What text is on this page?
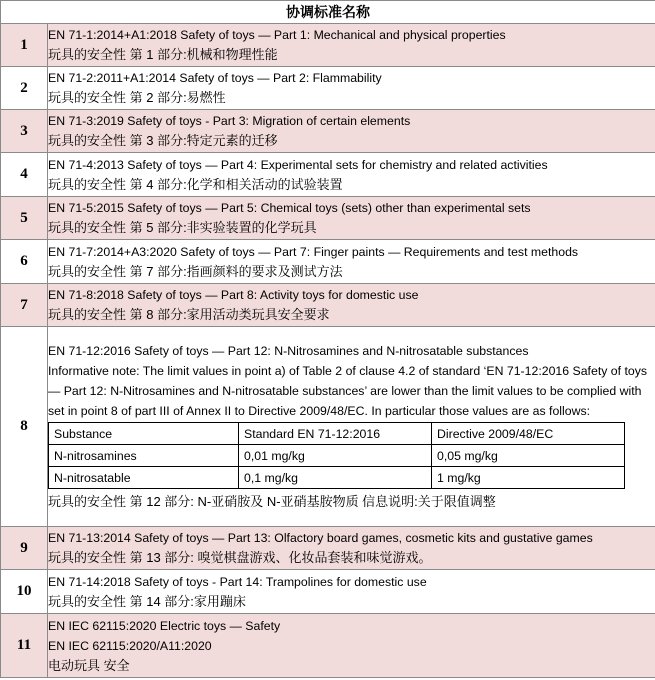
协调标准名称
1	
EN 71-1:2014+A1:2018 Safety of toys — Part 1: Mechanical and physical properties
玩具的安全性 第 1 部分:机械和物理性能

2	
EN 71-2:2011+A1:2014 Safety of toys — Part 2: Flammability
玩具的安全性 第 2 部分:易燃性

3	
EN 71-3:2019 Safety of toys - Part 3: Migration of certain elements
玩具的安全性 第 3 部分:特定元素的迁移

4	
EN 71-4:2013 Safety of toys — Part 4: Experimental sets for chemistry and related activities
玩具的安全性 第 4 部分:化学和相关活动的试验装置

5	
EN 71-5:2015 Safety of toys — Part 5: Chemical toys (sets) other than experimental sets
玩具的安全性 第 5 部分:非实验装置的化学玩具

6	
EN 71-7:2014+A3:2020 Safety of toys — Part 7: Finger paints — Requirements and test methods
玩具的安全性 第 7 部分:指画颜料的要求及测试方法

7	
EN 71-8:2018 Safety of toys — Part 8: Activity toys for domestic use
玩具的安全性 第 8 部分:家用活动类玩具安全要求

8	
EN 71-12:2016 Safety of toys — Part 12: N-Nitrosamines and N-nitrosatable substances
Informative note: The limit values in point a) of Table 2 of clause 4.2 of standard ‘EN 71-12:2016 Safety of toys — Part 12: N-Nitrosamines and N-nitrosatable substances’ are lower than the limit values to be complied with set in point 8 of part III of Annex II to Directive 2009/48/EC. In particular those values are as follows:
Substance	Standard EN 71-12:2016	Directive 2009/48/EC
N-nitrosamines	0,01 mg/kg	0,05 mg/kg
N-nitrosatable	0,1 mg/kg	1 mg/kg
玩具的安全性 第 12 部分: N-亚硝胺及 N-亚硝基胺物质 信息说明:关于限值调整

9	
EN 71-13:2014 Safety of toys — Part 13: Olfactory board games, cosmetic kits and gustative games
玩具的安全性 第 13 部分: 嗅觉棋盘游戏、化妆品套装和味觉游戏。

10	
EN 71-14:2018 Safety of toys - Part 14: Trampolines for domestic use
玩具的安全性 第 14 部分:家用蹦床

11	
EN IEC 62115:2020 Electric toys — Safety
EN IEC 62115:2020/A11:2020
电动玩具 安全
